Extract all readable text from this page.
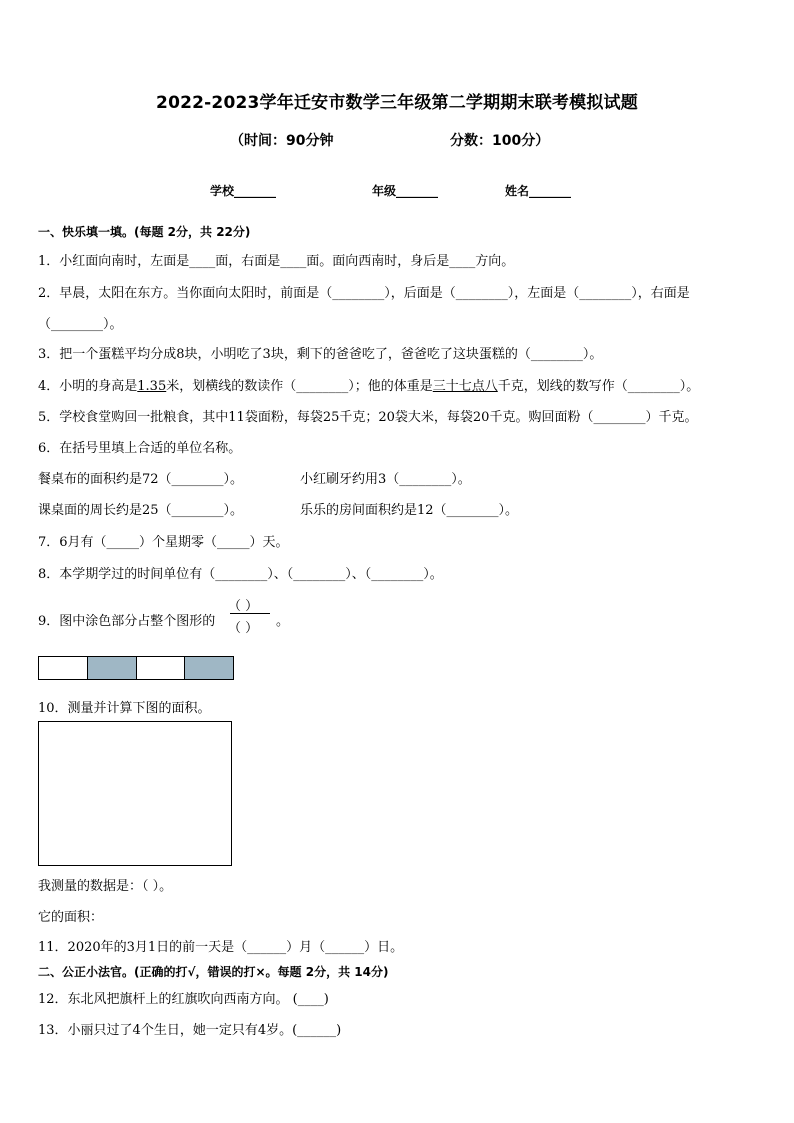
2022-2023学年迁安市数学三年级第二学期期末联考模拟试题
（时间：90分钟	分数：100分）
学校_______	年级_______	姓名_______
一、快乐填一填。(每题 2分，共 22分)
1．小红面向南时，左面是____面，右面是____面。面向西南时，身后是____方向。
2．早晨，太阳在东方。当你面向太阳时，前面是（________），后面是（________），左面是（________），右面是
（________）。
3．把一个蛋糕平均分成8块，小明吃了3块，剩下的爸爸吃了，爸爸吃了这块蛋糕的（________）。
4．小明的身高是1.35米，划横线的数读作（________）；他的体重是三十七点八千克，划线的数写作（________）。
5．学校食堂购回一批粮食，其中11袋面粉，每袋25千克；20袋大米，每袋20千克。购回面粉（________）千克。
6．在括号里填上合适的单位名称。
餐桌布的面积约是72（________）。	小红刷牙约用3（________）。
课桌面的周长约是25（________）。	乐乐的房间面积约是12（________）。
7．6月有（_____）个星期零（_____）天。
8．本学期学过的时间单位有（________）、（________）、（________）。
9．图中涂色部分占整个图形的
（ ）
（ ） 。
10．测量并计算下图的面积。
我测量的数据是：（ ）。
它的面积：
11．2020年的3月1日的前一天是（______）月（______）日。
二、公正小法官。(正确的打√，错误的打×。每题 2分，共 14分)
12．东北风把旗杆上的红旗吹向西南方向。 (____)
13．小丽只过了4个生日，她一定只有4岁。(______)
